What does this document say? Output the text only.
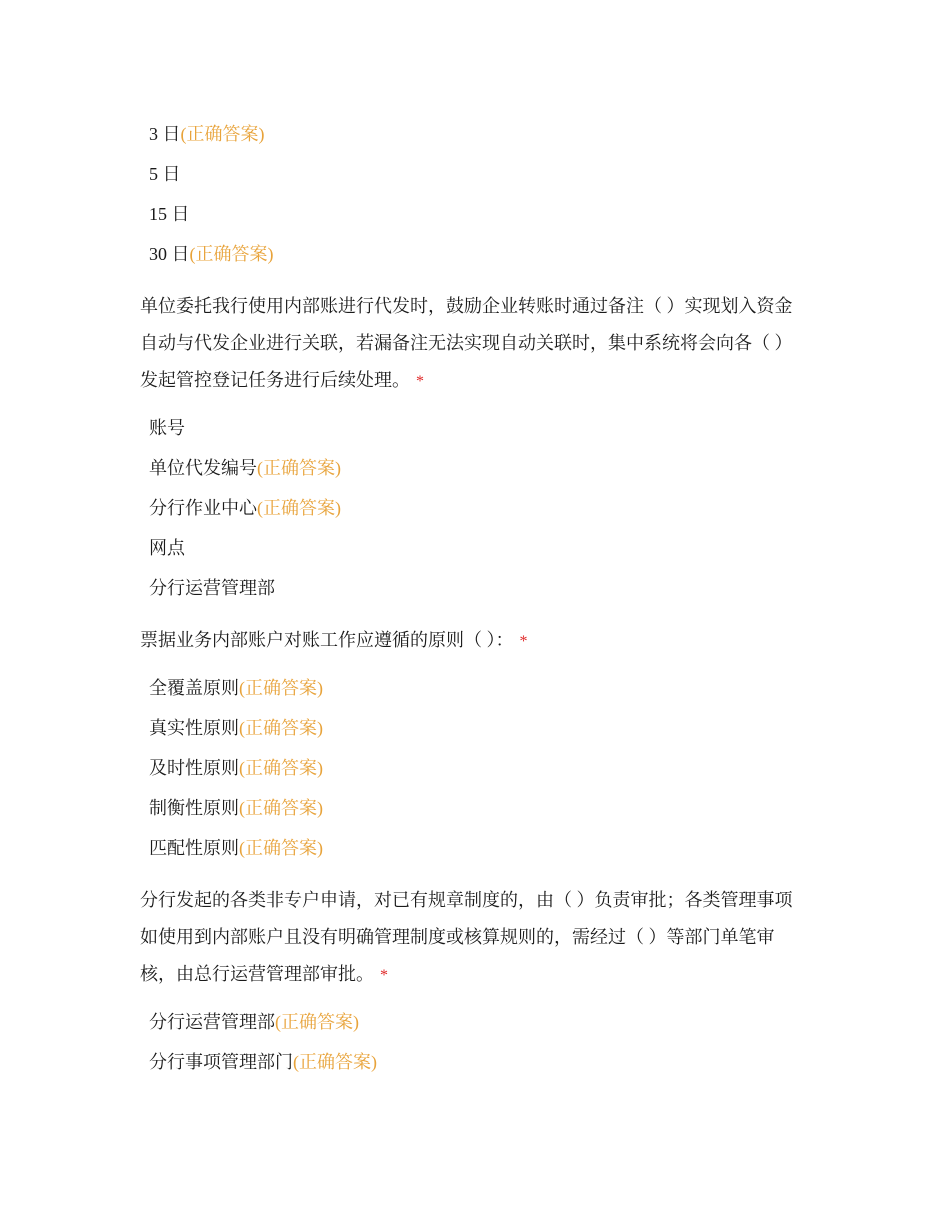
3 日(正确答案)
5 日
15 日
30 日(正确答案)
单位委托我行使用内部账进行代发时，鼓励企业转账时通过备注（ ）实现划入资金自动与代发企业进行关联，若漏备注无法实现自动关联时，集中系统将会向各（ ）发起管控登记任务进行后续处理。 *
账号
单位代发编号(正确答案)
分行作业中心(正确答案)
网点
分行运营管理部
票据业务内部账户对账工作应遵循的原则（ ）： *
全覆盖原则(正确答案)
真实性原则(正确答案)
及时性原则(正确答案)
制衡性原则(正确答案)
匹配性原则(正确答案)
分行发起的各类非专户申请，对已有规章制度的，由（ ）负责审批；各类管理事项如使用到内部账户且没有明确管理制度或核算规则的，需经过（ ）等部门单笔审核，由总行运营管理部审批。 *
分行运营管理部(正确答案)
分行事项管理部门(正确答案)
